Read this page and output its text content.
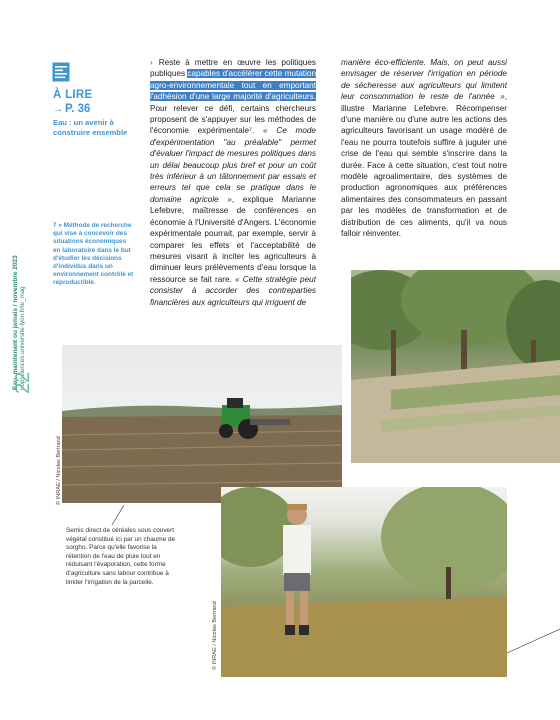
À LIRE
→ P. 36
Eau : un avenir à construire ensemble
7 » Méthode de recherche qui vise à concevoir des situations économiques en laboratoire dans le but d'étudier les décisions d'individus dans un environnement contrôlé et reproductible.
Eau, maintenant ou jamais / novembre 2023 popsciences.universite-lyon.fr/le_mag
22
› Reste à mettre en œuvre les politiques publiques capables d'accélérer cette mutation agro-environnementale tout en emportant l'adhésion d'une large majorité d'agriculteurs. Pour relever ce défi, certains chercheurs proposent de s'appuyer sur les méthodes de l'économie expérimentale⁷. « Ce mode d'expérimentation "au préalable" permet d'évaluer l'impact de mesures politiques dans un délai beaucoup plus bref et pour un coût très inférieur à un tâtonnement par essais et erreurs tel que cela se pratique dans le domaine agricole », explique Marianne Lefebvre, maîtresse de conférences en économie à l'Université d'Angers. L'économie expérimentale pourrait, par exemple, servir à comparer les effets et l'acceptabilité de mesures visant à inciter les agriculteurs à diminuer leurs prélèvements d'eau lorsque la ressource se fait rare. « Cette stratégie peut consister à accorder des contreparties financières aux agriculteurs qui irriguent de
manière éco-efficiente. Mais, on peut aussi envisager de réserver l'irrigation en période de sécheresse aux agriculteurs qui limitent leur consommation le reste de l'année », illustre Marianne Lefebvre. Récompenser d'une manière ou d'une autre les actions des agriculteurs favorisant un usage modéré de l'eau ne pourra toutefois suffire à juguler une crise de l'eau qui semble s'inscrire dans la durée. Face à cette situation, c'est tout notre modèle agroalimentaire, des systèmes de production agronomiques aux préférences alimentaires des consommateurs en passant par les modèles de transformation et de distribution de ces aliments, qu'il va nous falloir réinventer.
© INRAE / Nicolas Bertrand
Semis direct de céréales sous couvert végétal constitué ici par un chaume de sorgho. Parce qu'elle favorise la rétention de l'eau de pluie tout en réduisant l'évaporation, cette forme d'agriculture sans labour contribue à limiter l'irrigation de la parcelle.
© INRAE / Nicolas Bertrand
